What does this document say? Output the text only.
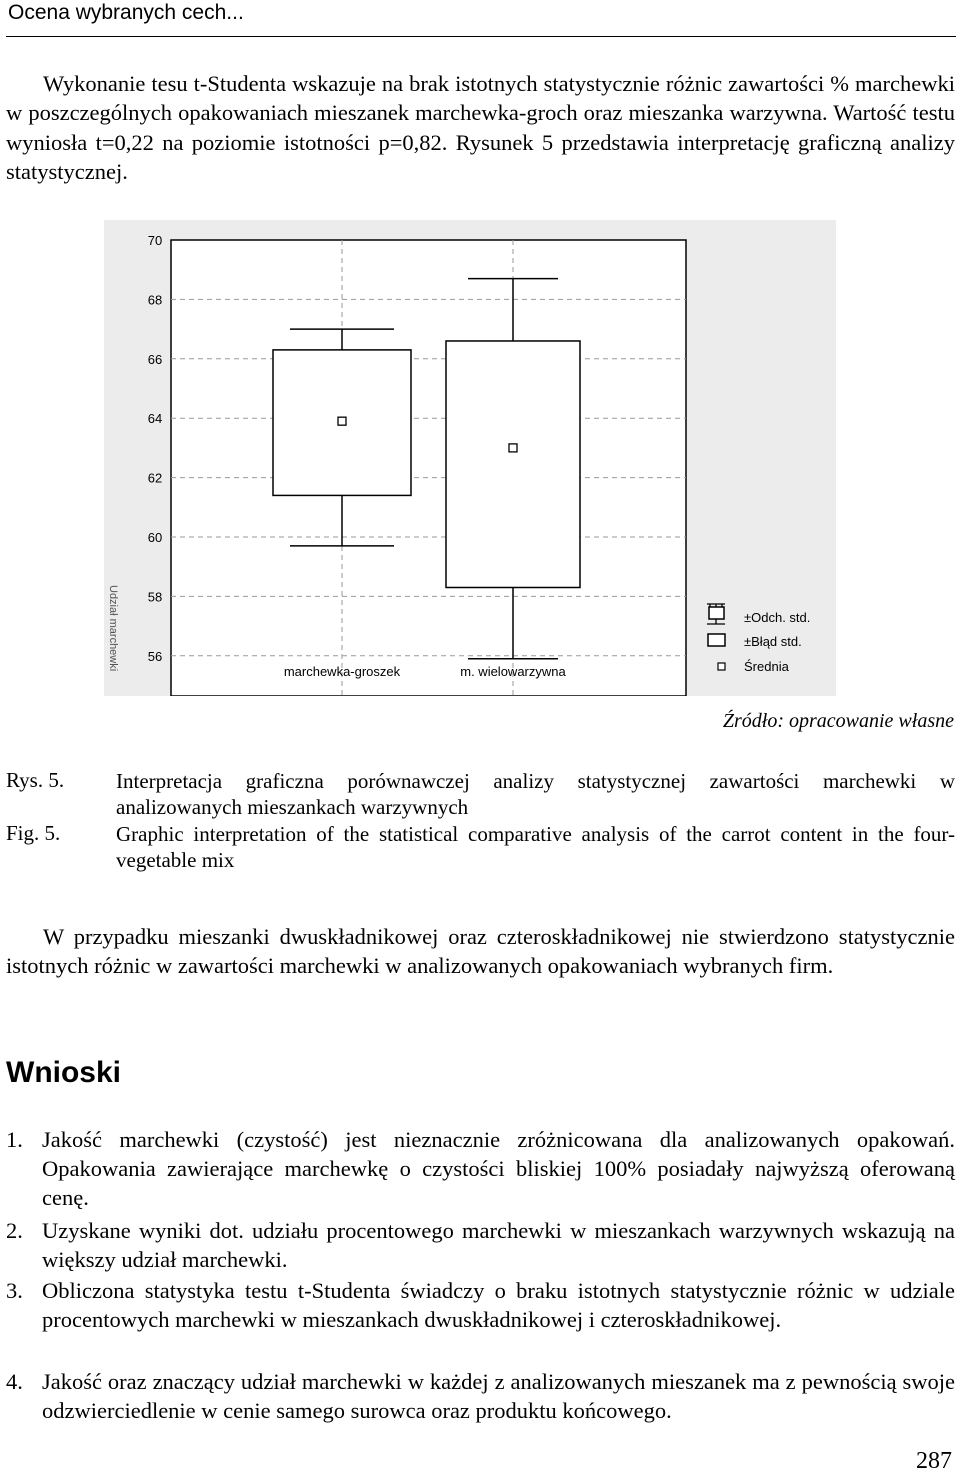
Ocena wybranych cech...
Wykonanie tesu t-Studenta wskazuje na brak istotnych statystycznie różnic zawartości % marchewki w poszczególnych opakowaniach mieszanek marchewka-groch oraz mieszanka warzywna. Wartość testu wyniosła t=0,22 na poziomie istotności p=0,82. Rysunek 5 przedstawia interpretację graficzną analizy statystycznej.
70
68
66
64
62
60
58
56
Udział marchewki
marchewka-groszek	m. wielowarzywna
±Odch. std.
±Błąd std.
Średnia
Źródło: opracowanie własne
Rys. 5. Interpretacja graficzna porównawczej analizy statystycznej zawartości marchewki w analizowanych mieszankach warzywnych
Fig. 5.	Graphic interpretation of the statistical comparative analysis of the carrot content in the four-vegetable mix
W przypadku mieszanki dwuskładnikowej oraz czteroskładnikowej nie stwierdzono statystycznie istotnych różnic w zawartości marchewki w analizowanych opakowaniach wybranych firm.
Wnioski
1. Jakość marchewki (czystość) jest nieznacznie zróżnicowana dla analizowanych opakowań. Opakowania zawierające marchewkę o czystości bliskiej 100% posiadały najwyższą oferowaną cenę.
2. Uzyskane wyniki dot. udziału procentowego marchewki w mieszankach warzywnych wskazują na większy udział marchewki.
3. Obliczona statystyka testu t-Studenta świadczy o braku istotnych statystycznie różnic w udziale procentowych marchewki w mieszankach dwuskładnikowej i czteroskładnikowej.
4. Jakość oraz znaczący udział marchewki w każdej z analizowanych mieszanek ma z pewnością swoje odzwierciedlenie w cenie samego surowca oraz produktu końcowego.
287
